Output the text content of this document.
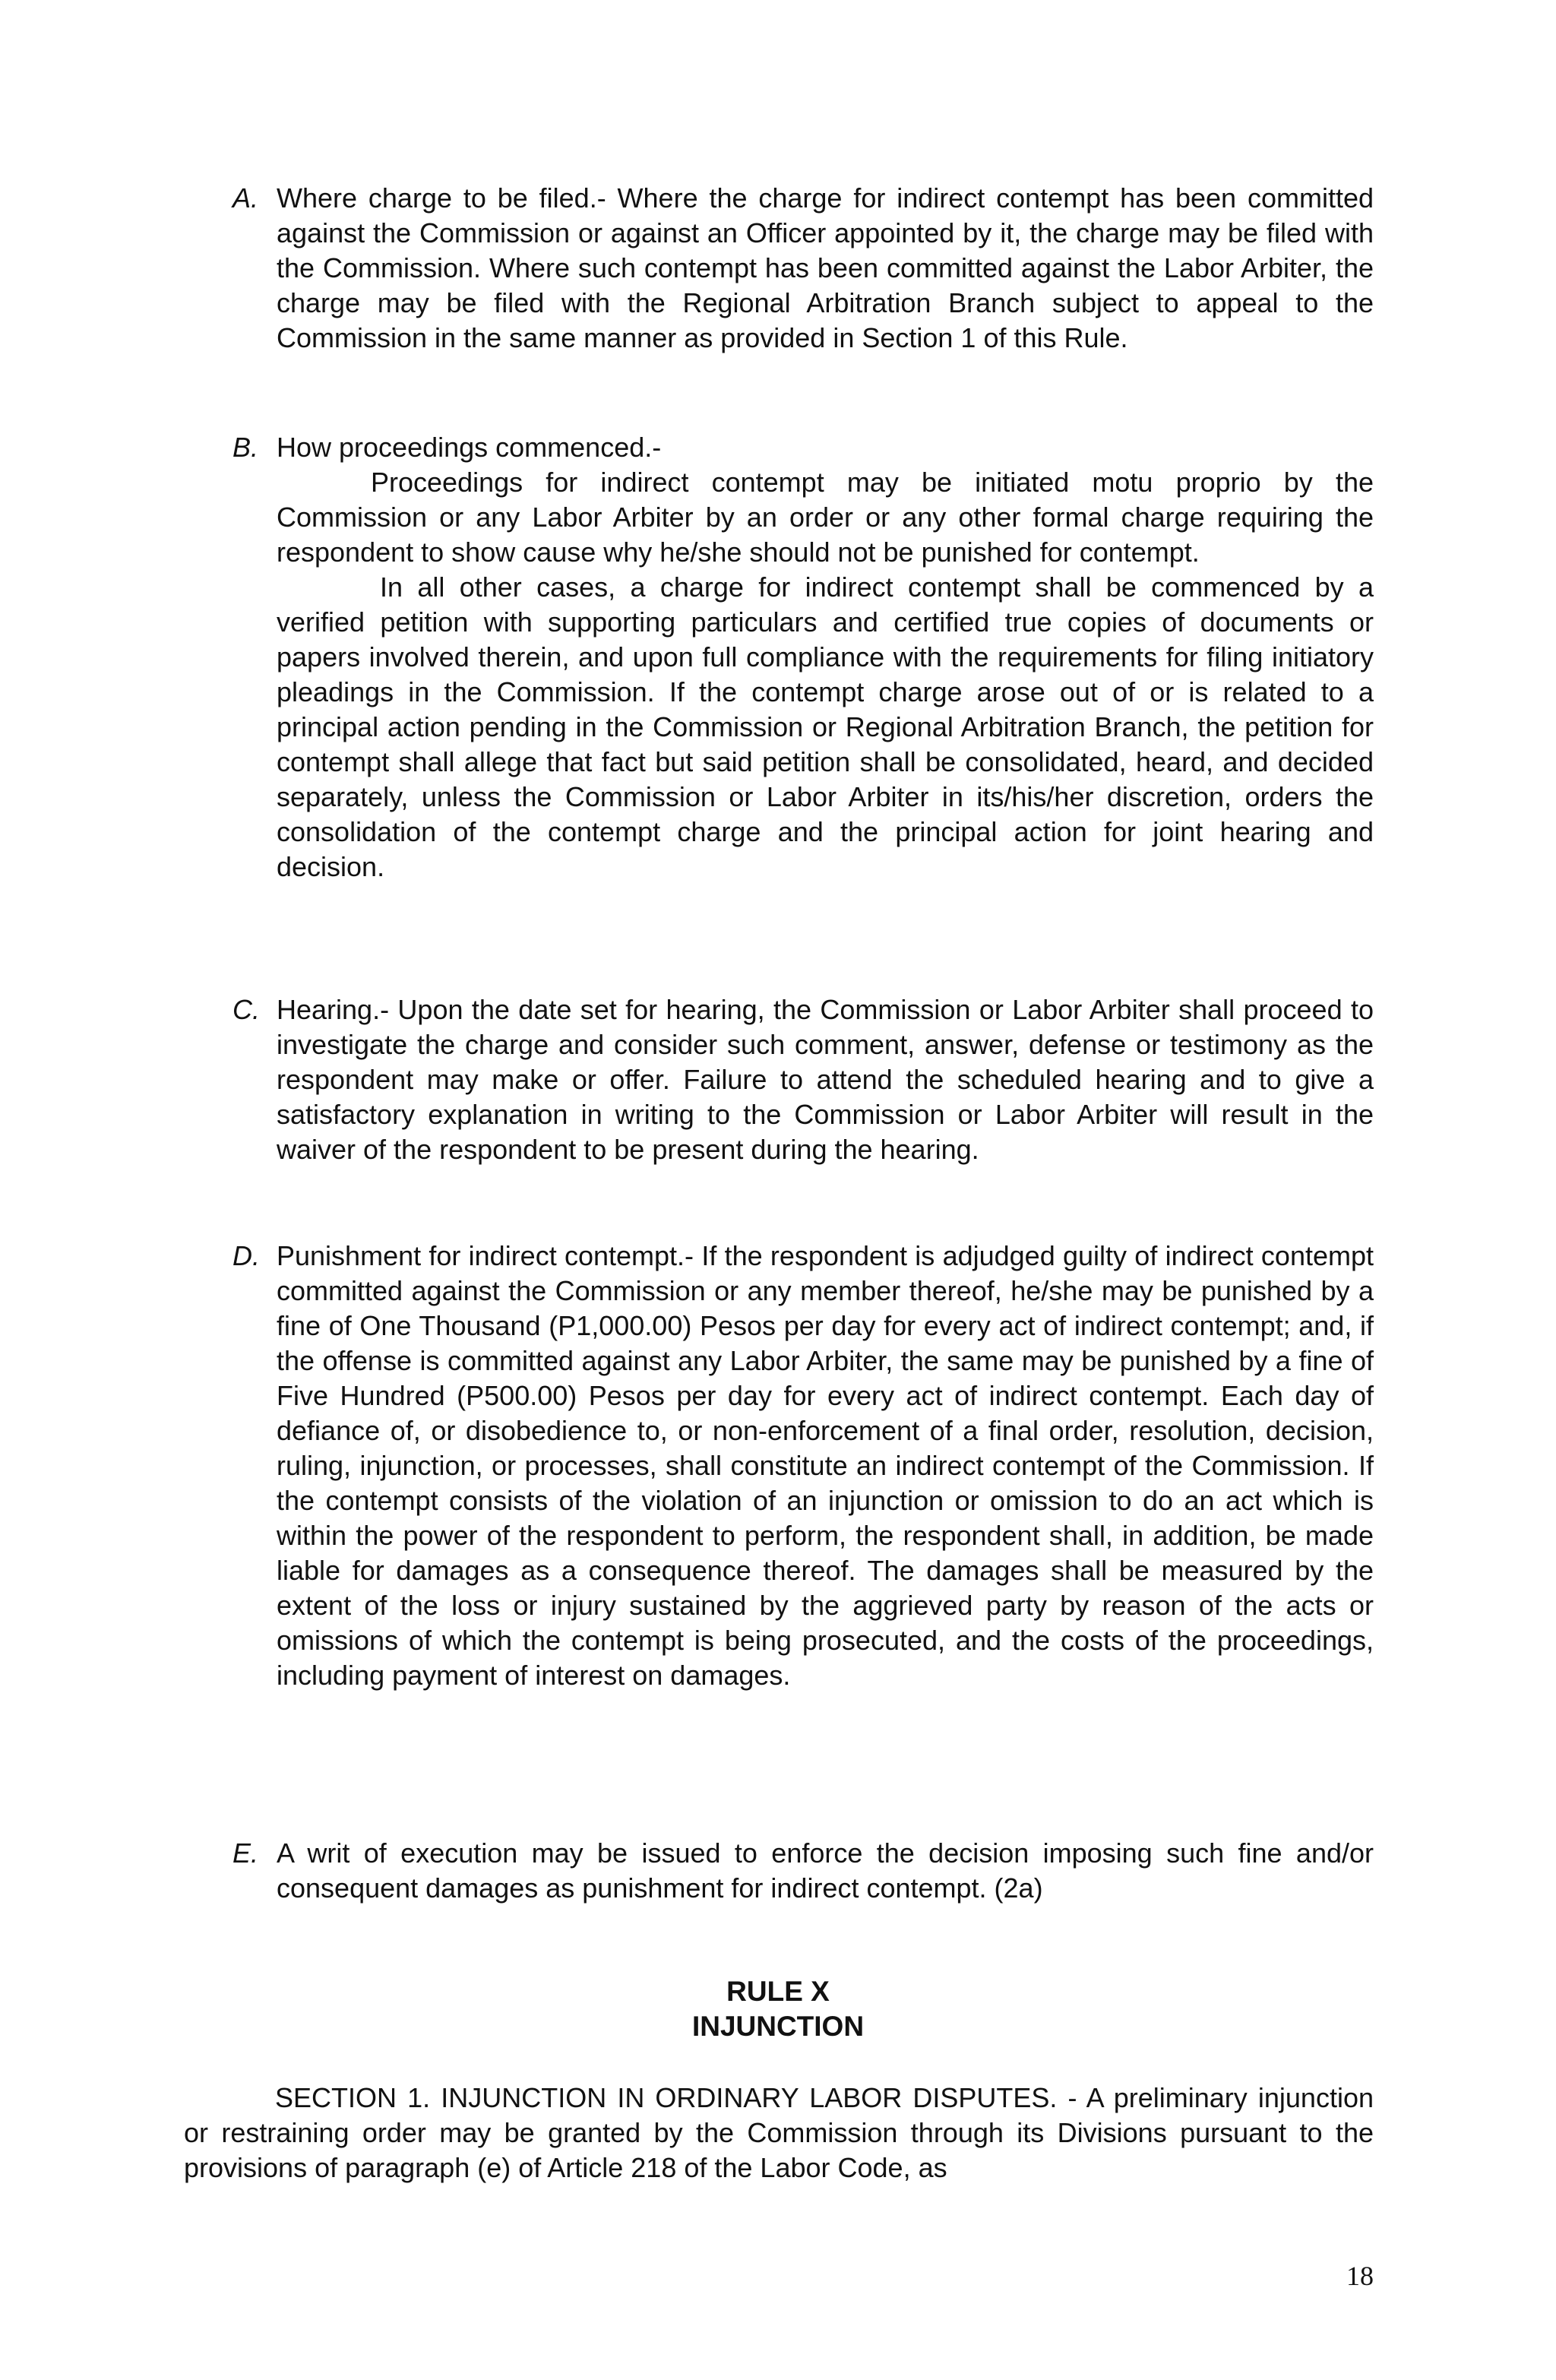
A. Where charge to be filed.- Where the charge for indirect contempt has been committed against the Commission or against an Officer appointed by it, the charge may be filed with the Commission. Where such contempt has been committed against the Labor Arbiter, the charge may be filed with the Regional Arbitration Branch subject to appeal to the Commission in the same manner as provided in Section 1 of this Rule.

B. How proceedings commenced.-

Proceedings for indirect contempt may be initiated motu proprio by the Commission or any Labor Arbiter by an order or any other formal charge requiring the respondent to show cause why he/she should not be punished for contempt.

In all other cases, a charge for indirect contempt shall be commenced by a verified petition with supporting particulars and certified true copies of documents or papers involved therein, and upon full compliance with the requirements for filing initiatory pleadings in the Commission. If the contempt charge arose out of or is related to a principal action pending in the Commission or Regional Arbitration Branch, the petition for contempt shall allege that fact but said petition shall be consolidated, heard, and decided separately, unless the Commission or Labor Arbiter in its/his/her discretion, orders the consolidation of the contempt charge and the principal action for joint hearing and decision.

C. Hearing.- Upon the date set for hearing, the Commission or Labor Arbiter shall proceed to investigate the charge and consider such comment, answer, defense or testimony as the respondent may make or offer. Failure to attend the scheduled hearing and to give a satisfactory explanation in writing to the Commission or Labor Arbiter will result in the waiver of the respondent to be present during the hearing.

D. Punishment for indirect contempt.- If the respondent is adjudged guilty of indirect contempt committed against the Commission or any member thereof, he/she may be punished by a fine of One Thousand (P1,000.00) Pesos per day for every act of indirect contempt; and, if the offense is committed against any Labor Arbiter, the same may be punished by a fine of Five Hundred (P500.00) Pesos per day for every act of indirect contempt. Each day of defiance of, or disobedience to, or non-enforcement of a final order, resolution, decision, ruling, injunction, or processes, shall constitute an indirect contempt of the Commission. If the contempt consists of the violation of an injunction or omission to do an act which is within the power of the respondent to perform, the respondent shall, in addition, be made liable for damages as a consequence thereof. The damages shall be measured by the extent of the loss or injury sustained by the aggrieved party by reason of the acts or omissions of which the contempt is being prosecuted, and the costs of the proceedings, including payment of interest on damages.

E. A writ of execution may be issued to enforce the decision imposing such fine and/or consequent damages as punishment for indirect contempt. (2a)

RULE X
INJUNCTION

SECTION 1. INJUNCTION IN ORDINARY LABOR DISPUTES. - A preliminary injunction or restraining order may be granted by the Commission through its Divisions pursuant to the provisions of paragraph (e) of Article 218 of the Labor Code, as

18
